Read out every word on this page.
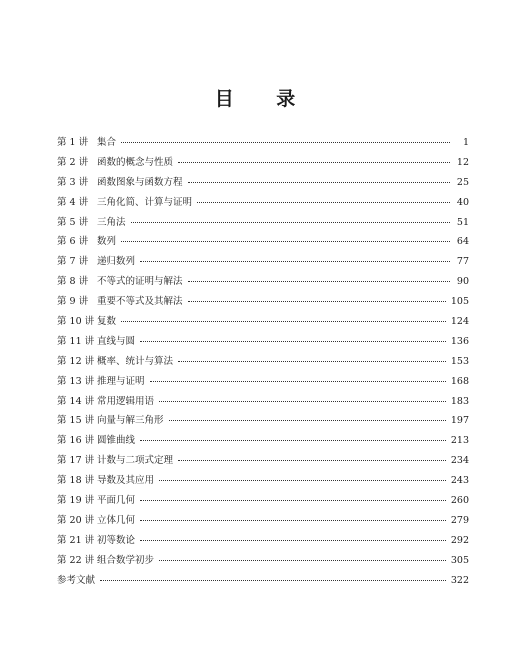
目 录
第 1 讲 集合	1
第 2 讲 函数的概念与性质	12
第 3 讲 函数图象与函数方程	25
第 4 讲 三角化简、计算与证明	40
第 5 讲 三角法	51
第 6 讲 数列	64
第 7 讲 递归数列	77
第 8 讲 不等式的证明与解法	90
第 9 讲 重要不等式及其解法	105
第 10 讲 复数	124
第 11 讲 直线与圆	136
第 12 讲 概率、统计与算法	153
第 13 讲 推理与证明	168
第 14 讲 常用逻辑用语	183
第 15 讲 向量与解三角形	197
第 16 讲 圆锥曲线	213
第 17 讲 计数与二项式定理	234
第 18 讲 导数及其应用	243
第 19 讲 平面几何	260
第 20 讲 立体几何	279
第 21 讲 初等数论	292
第 22 讲 组合数学初步	305
参考文献	322
